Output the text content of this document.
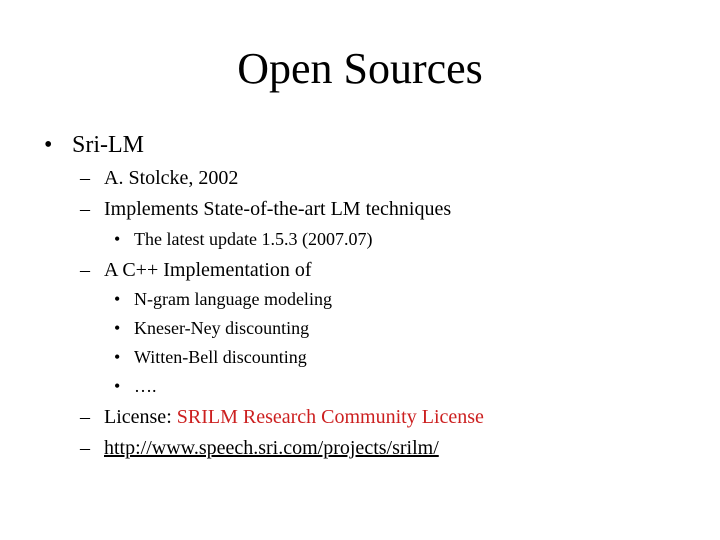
Open Sources
• Sri-LM
– A. Stolcke, 2002
– Implements State-of-the-art LM techniques
• The latest update 1.5.3 (2007.07)
– A C++ Implementation of
• N-gram language modeling
• Kneser-Ney discounting
• Witten-Bell discounting
• ….
– License: SRILM Research Community License
– http://www.speech.sri.com/projects/srilm/
